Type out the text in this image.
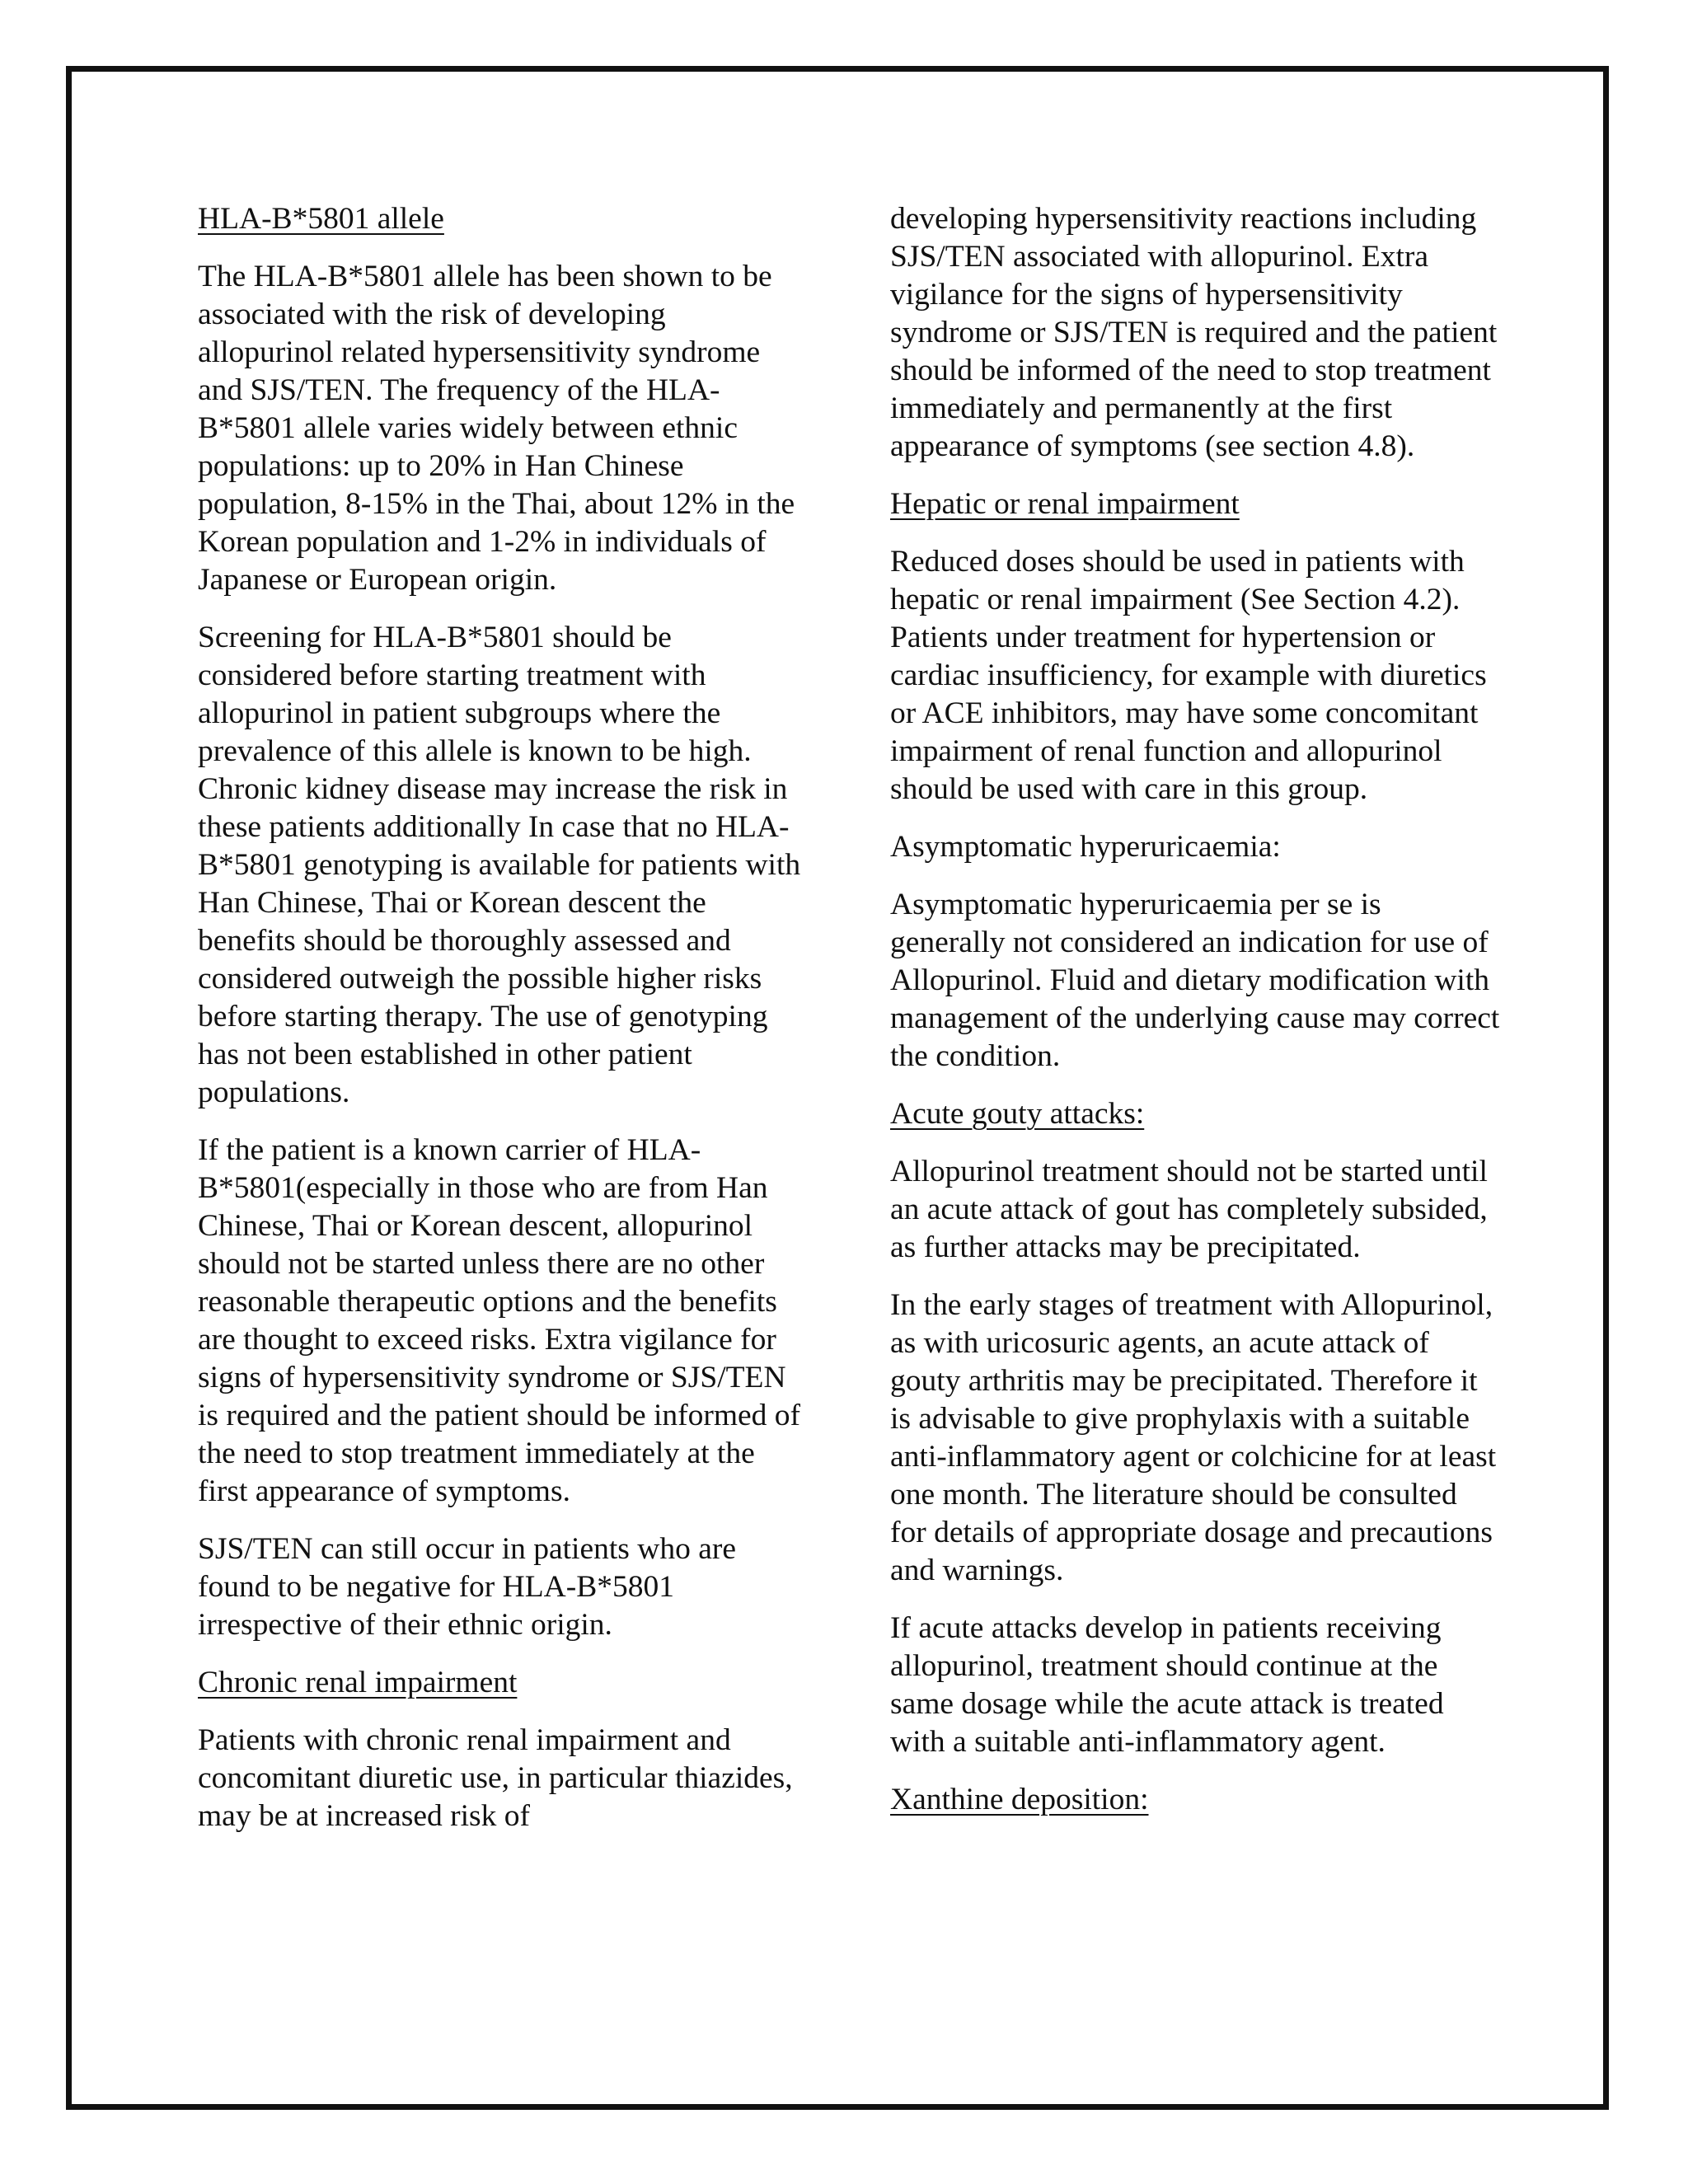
HLA-B*5801 allele

The HLA-B*5801 allele has been shown to be associated with the risk of developing allopurinol related hypersensitivity syndrome and SJS/TEN. The frequency of the HLA-B*5801 allele varies widely between ethnic populations: up to 20% in Han Chinese population, 8-15% in the Thai, about 12% in the Korean population and 1-2% in individuals of Japanese or European origin.

Screening for HLA-B*5801 should be considered before starting treatment with allopurinol in patient subgroups where the prevalence of this allele is known to be high. Chronic kidney disease may increase the risk in these patients additionally In case that no HLA-B*5801 genotyping is available for patients with Han Chinese, Thai or Korean descent the benefits should be thoroughly assessed and considered outweigh the possible higher risks before starting therapy. The use of genotyping has not been established in other patient populations.

If the patient is a known carrier of HLA-B*5801(especially in those who are from Han Chinese, Thai or Korean descent, allopurinol should not be started unless there are no other reasonable therapeutic options and the benefits are thought to exceed risks. Extra vigilance for signs of hypersensitivity syndrome or SJS/TEN is required and the patient should be informed of the need to stop treatment immediately at the first appearance of symptoms.

SJS/TEN can still occur in patients who are found to be negative for HLA-B*5801 irrespective of their ethnic origin.

Chronic renal impairment

Patients with chronic renal impairment and concomitant diuretic use, in particular thiazides, may be at increased risk of

developing hypersensitivity reactions including SJS/TEN associated with allopurinol. Extra vigilance for the signs of hypersensitivity syndrome or SJS/TEN is required and the patient should be informed of the need to stop treatment immediately and permanently at the first appearance of symptoms (see section 4.8).

Hepatic or renal impairment

Reduced doses should be used in patients with hepatic or renal impairment (See Section 4.2). Patients under treatment for hypertension or cardiac insufficiency, for example with diuretics or ACE inhibitors, may have some concomitant impairment of renal function and allopurinol should be used with care in this group.

Asymptomatic hyperuricaemia:

Asymptomatic hyperuricaemia per se is generally not considered an indication for use of Allopurinol. Fluid and dietary modification with management of the underlying cause may correct the condition.

Acute gouty attacks:

Allopurinol treatment should not be started until an acute attack of gout has completely subsided, as further attacks may be precipitated.

In the early stages of treatment with Allopurinol, as with uricosuric agents, an acute attack of gouty arthritis may be precipitated. Therefore it is advisable to give prophylaxis with a suitable anti-inflammatory agent or colchicine for at least one month. The literature should be consulted for details of appropriate dosage and precautions and warnings.

If acute attacks develop in patients receiving allopurinol, treatment should continue at the same dosage while the acute attack is treated with a suitable anti-inflammatory agent.

Xanthine deposition:
